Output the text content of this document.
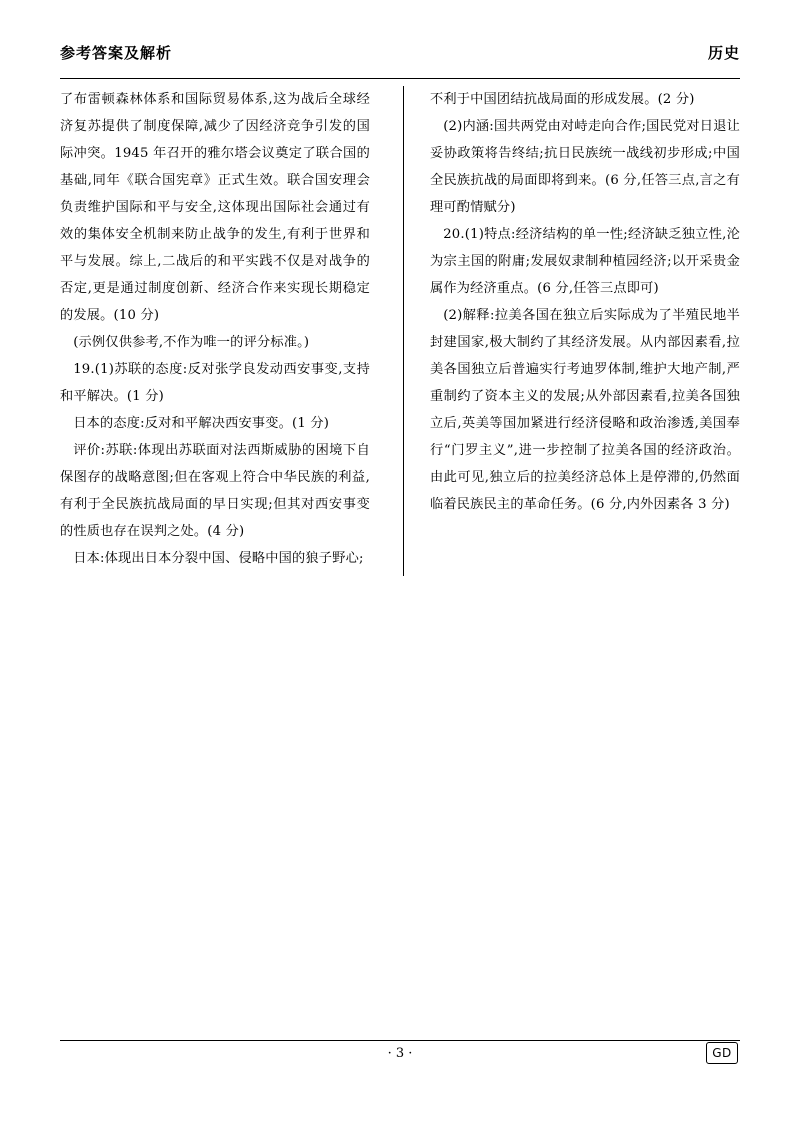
参考答案及解析	历史

了布雷顿森林体系和国际贸易体系,这为战后全球经济复苏提供了制度保障,减少了因经济竞争引发的国际冲突。1945 年召开的雅尔塔会议奠定了联合国的基础,同年《联合国宪章》正式生效。联合国安理会负责维护国际和平与安全,这体现出国际社会通过有效的集体安全机制来防止战争的发生,有利于世界和平与发展。综上,二战后的和平实践不仅是对战争的否定,更是通过制度创新、经济合作来实现长期稳定的发展。(10 分)

(示例仅供参考,不作为唯一的评分标准。)

19.(1)苏联的态度:反对张学良发动西安事变,支持和平解决。(1 分)

日本的态度:反对和平解决西安事变。(1 分)

评价:苏联:体现出苏联面对法西斯威胁的困境下自保图存的战略意图;但在客观上符合中华民族的利益,有利于全民族抗战局面的早日实现;但其对西安事变的性质也存在误判之处。(4 分)

日本:体现出日本分裂中国、侵略中国的狼子野心;

不利于中国团结抗战局面的形成发展。(2 分)

(2)内涵:国共两党由对峙走向合作;国民党对日退让妥协政策将告终结;抗日民族统一战线初步形成;中国全民族抗战的局面即将到来。(6 分,任答三点,言之有理可酌情赋分)

20.(1)特点:经济结构的单一性;经济缺乏独立性,沦为宗主国的附庸;发展奴隶制种植园经济;以开采贵金属作为经济重点。(6 分,任答三点即可)

(2)解释:拉美各国在独立后实际成为了半殖民地半封建国家,极大制约了其经济发展。从内部因素看,拉美各国独立后普遍实行考迪罗体制,维护大地产制,严重制约了资本主义的发展;从外部因素看,拉美各国独立后,英美等国加紧进行经济侵略和政治渗透,美国奉行“门罗主义”,进一步控制了拉美各国的经济政治。由此可见,独立后的拉美经济总体上是停滞的,仍然面临着民族民主的革命任务。(6 分,内外因素各 3 分)

· 3 ·	GD
